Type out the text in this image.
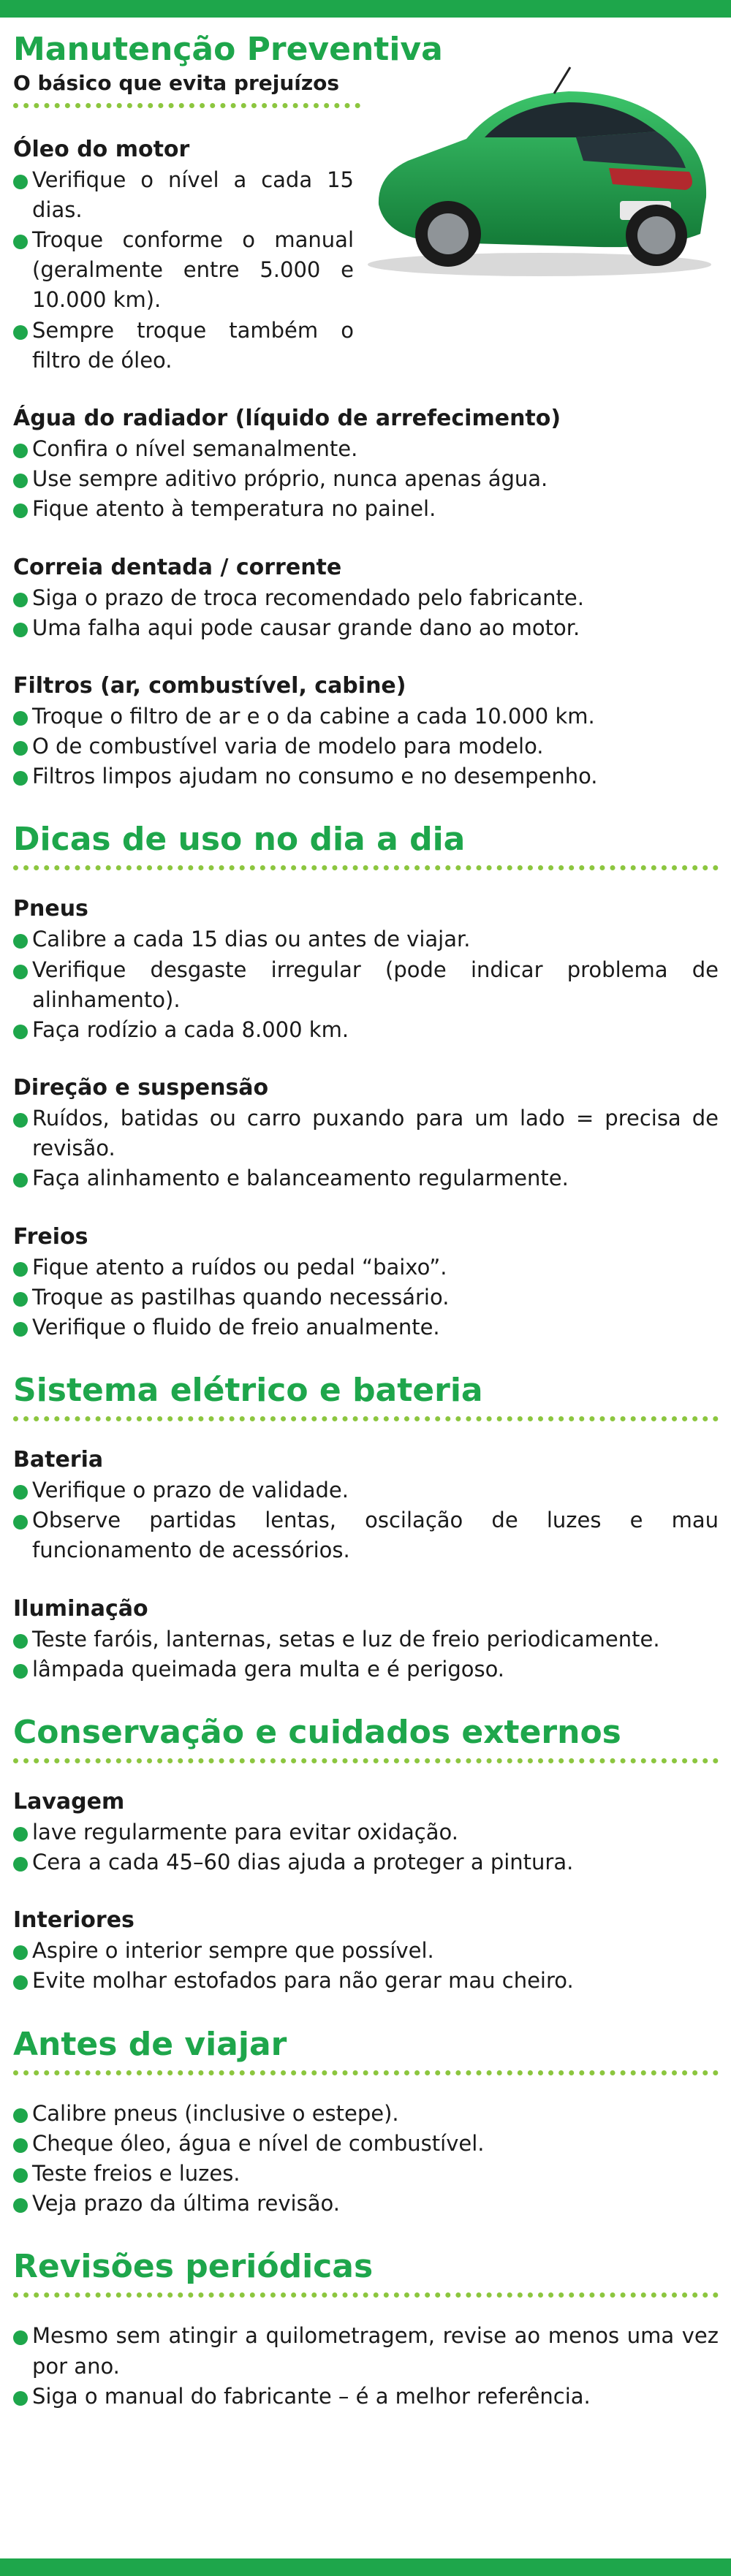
Manutenção Preventiva
O básico que evita prejuízos
Óleo do motor
Verifique o nível a cada 15 dias.
Troque conforme o manual (geralmente entre 5.000 e 10.000 km).
Sempre troque também o filtro de óleo.
Água do radiador (líquido de arrefecimento)
Confira o nível semanalmente.
Use sempre aditivo próprio, nunca apenas água.
Fique atento à temperatura no painel.
Correia dentada / corrente
Siga o prazo de troca recomendado pelo fabricante.
Uma falha aqui pode causar grande dano ao motor.
Filtros (ar, combustível, cabine)
Troque o filtro de ar e o da cabine a cada 10.000 km.
O de combustível varia de modelo para modelo.
Filtros limpos ajudam no consumo e no desempenho.
Dicas de uso no dia a dia
Pneus
Calibre a cada 15 dias ou antes de viajar.
Verifique desgaste irregular (pode indicar problema de alinhamento).
Faça rodízio a cada 8.000 km.
Direção e suspensão
Ruídos, batidas ou carro puxando para um lado = precisa de revisão.
Faça alinhamento e balanceamento regularmente.
Freios
Fique atento a ruídos ou pedal “baixo”.
Troque as pastilhas quando necessário.
Verifique o fluido de freio anualmente.
Sistema elétrico e bateria
Bateria
Verifique o prazo de validade.
Observe partidas lentas, oscilação de luzes e mau funcionamento de acessórios.
Iluminação
Teste faróis, lanternas, setas e luz de freio periodicamente.
lâmpada queimada gera multa e é perigoso.
Conservação e cuidados externos
Lavagem
lave regularmente para evitar oxidação.
Cera a cada 45–60 dias ajuda a proteger a pintura.
Interiores
Aspire o interior sempre que possível.
Evite molhar estofados para não gerar mau cheiro.
Antes de viajar
Calibre pneus (inclusive o estepe).
Cheque óleo, água e nível de combustível.
Teste freios e luzes.
Veja prazo da última revisão.
Revisões periódicas
Mesmo sem atingir a quilometragem, revise ao menos uma vez por ano.
Siga o manual do fabricante – é a melhor referência.
